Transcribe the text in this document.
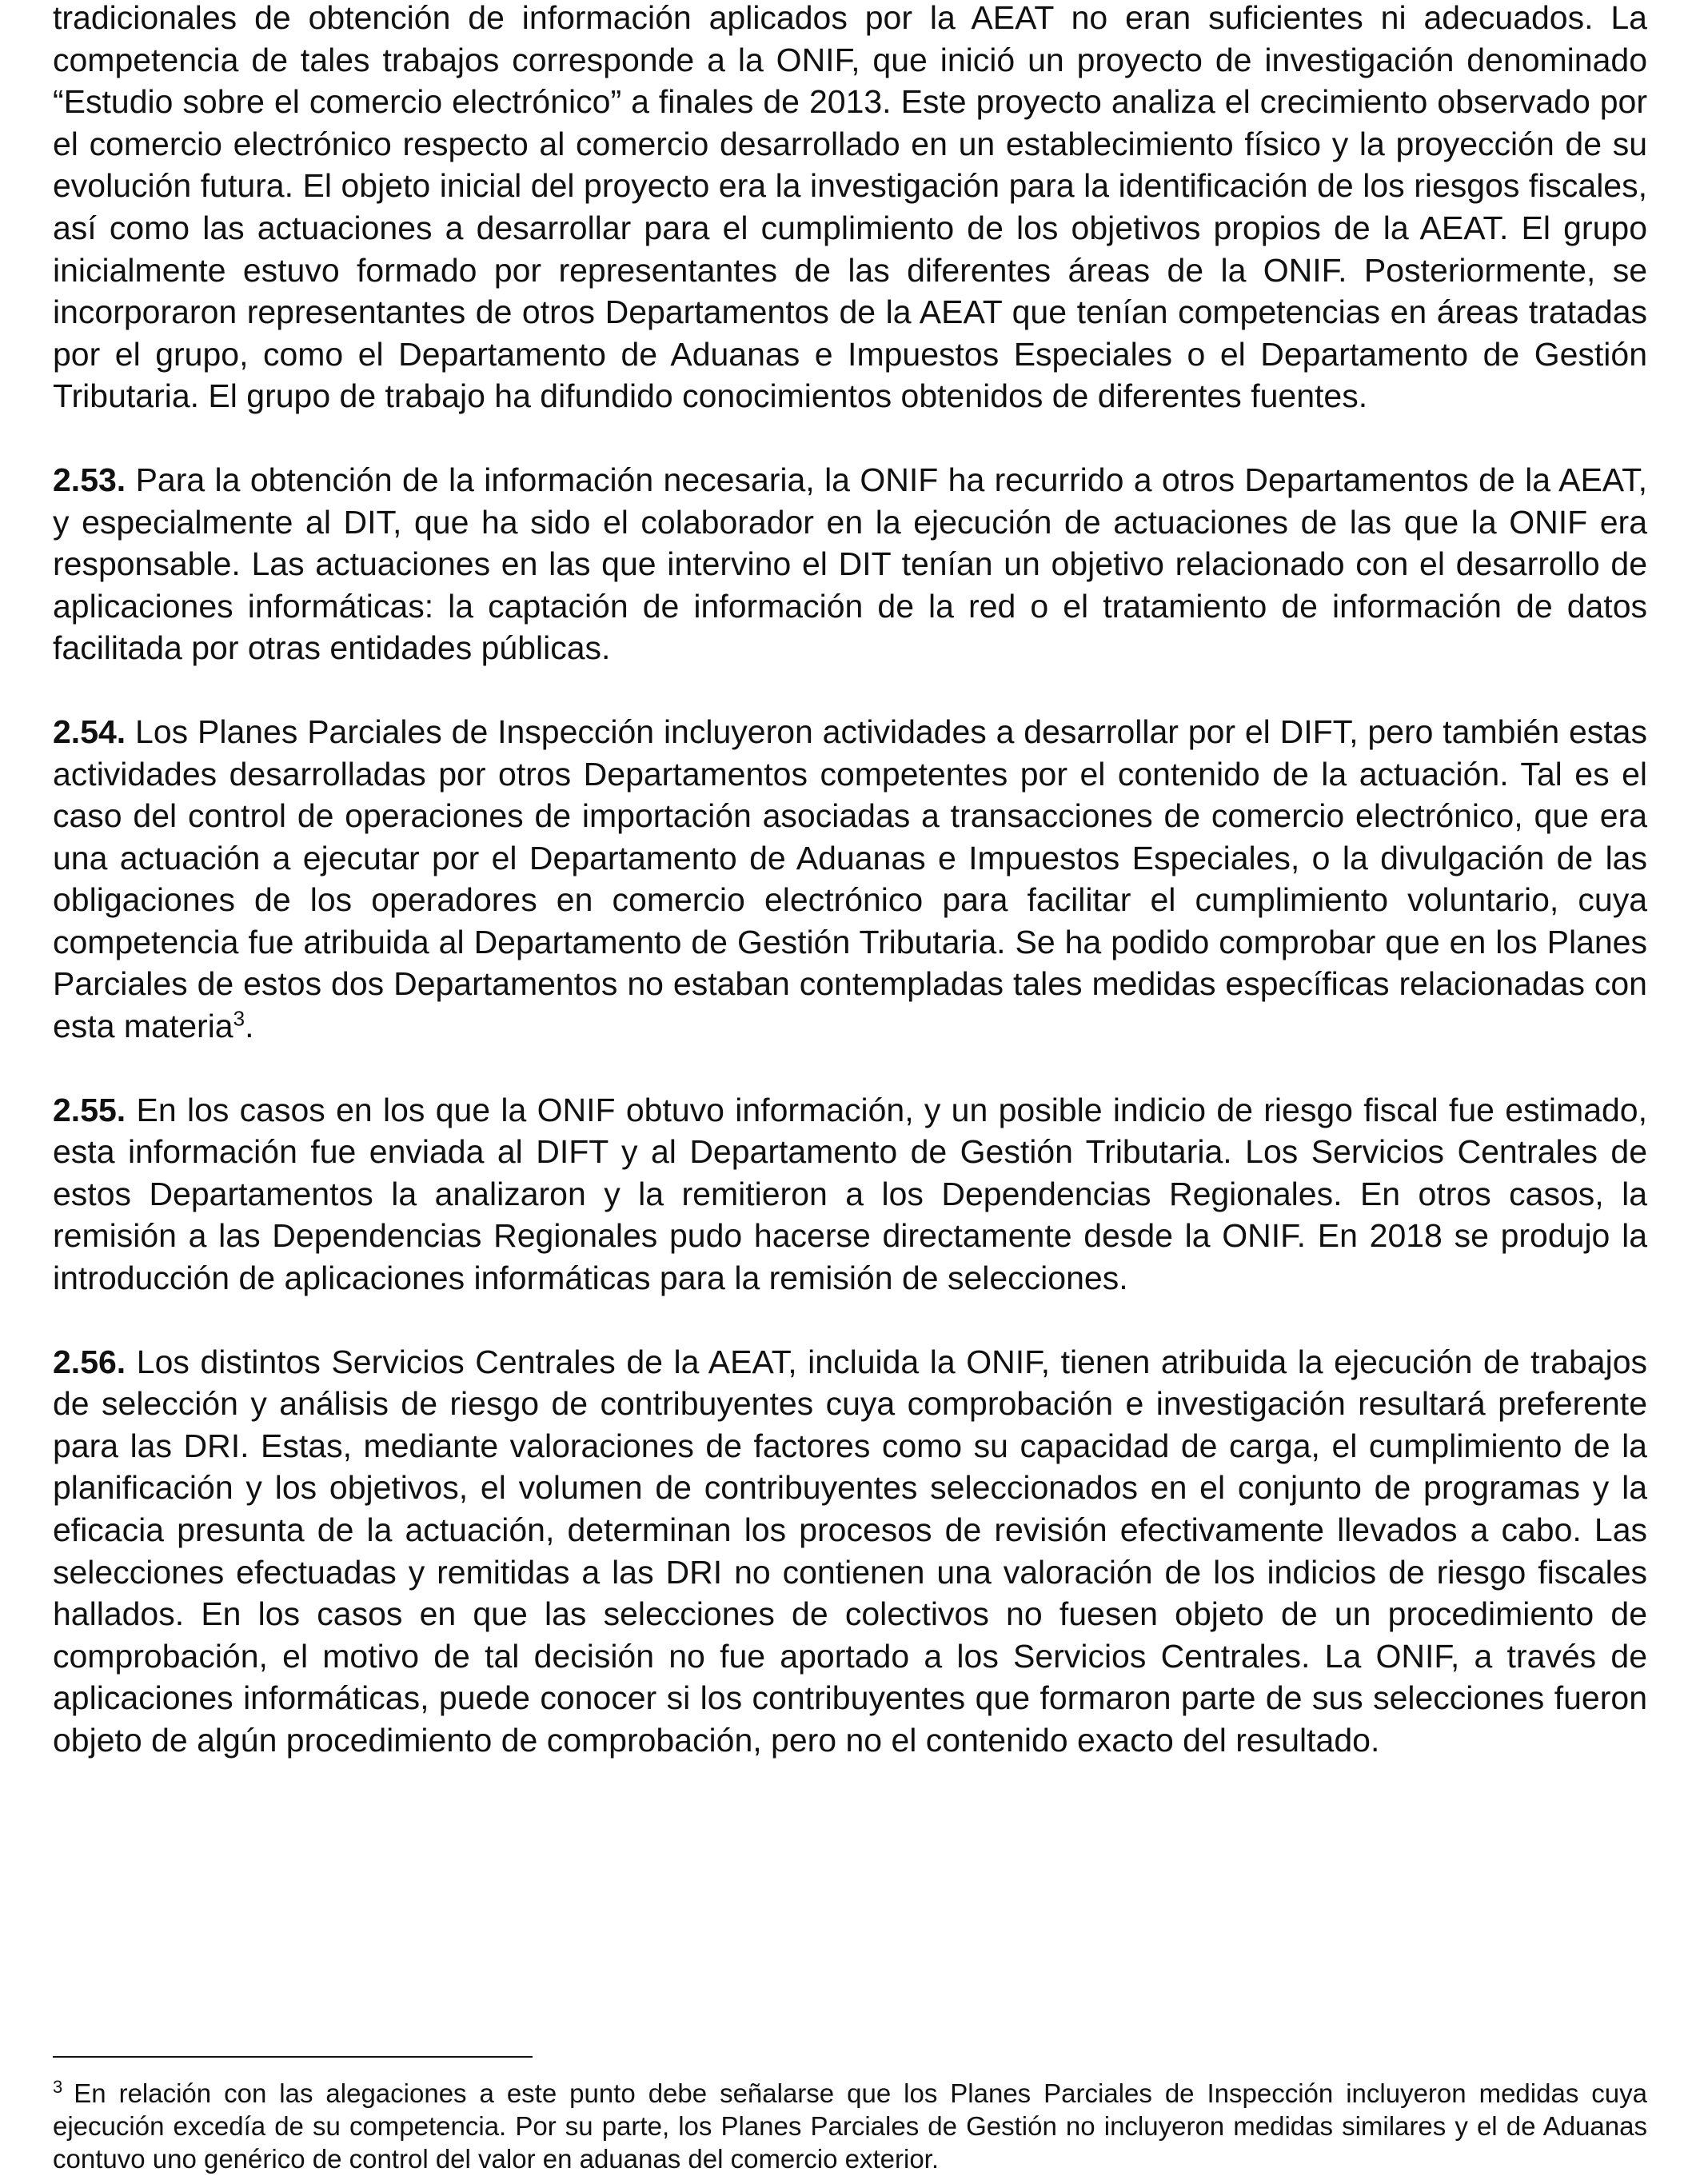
tradicionales de obtención de información aplicados por la AEAT no eran suficientes ni adecuados. La competencia de tales trabajos corresponde a la ONIF, que inició un proyecto de investigación denominado “Estudio sobre el comercio electrónico” a finales de 2013. Este proyecto analiza el crecimiento observado por el comercio electrónico respecto al comercio desarrollado en un establecimiento físico y la proyección de su evolución futura. El objeto inicial del proyecto era la investigación para la identificación de los riesgos fiscales, así como las actuaciones a desarrollar para el cumplimiento de los objetivos propios de la AEAT. El grupo inicialmente estuvo formado por representantes de las diferentes áreas de la ONIF. Posteriormente, se incorporaron representantes de otros Departamentos de la AEAT que tenían competencias en áreas tratadas por el grupo, como el Departamento de Aduanas e Impuestos Especiales o el Departamento de Gestión Tributaria. El grupo de trabajo ha difundido conocimientos obtenidos de diferentes fuentes.

2.53. Para la obtención de la información necesaria, la ONIF ha recurrido a otros Departamentos de la AEAT, y especialmente al DIT, que ha sido el colaborador en la ejecución de actuaciones de las que la ONIF era responsable. Las actuaciones en las que intervino el DIT tenían un objetivo relacionado con el desarrollo de aplicaciones informáticas: la captación de información de la red o el tratamiento de información de datos facilitada por otras entidades públicas.

2.54. Los Planes Parciales de Inspección incluyeron actividades a desarrollar por el DIFT, pero también estas actividades desarrolladas por otros Departamentos competentes por el contenido de la actuación. Tal es el caso del control de operaciones de importación asociadas a transacciones de comercio electrónico, que era una actuación a ejecutar por el Departamento de Aduanas e Impuestos Especiales, o la divulgación de las obligaciones de los operadores en comercio electrónico para facilitar el cumplimiento voluntario, cuya competencia fue atribuida al Departamento de Gestión Tributaria. Se ha podido comprobar que en los Planes Parciales de estos dos Departamentos no estaban contempladas tales medidas específicas relacionadas con esta materia$^3$.

2.55. En los casos en los que la ONIF obtuvo información, y un posible indicio de riesgo fiscal fue estimado, esta información fue enviada al DIFT y al Departamento de Gestión Tributaria. Los Servicios Centrales de estos Departamentos la analizaron y la remitieron a los Dependencias Regionales. En otros casos, la remisión a las Dependencias Regionales pudo hacerse directamente desde la ONIF. En 2018 se produjo la introducción de aplicaciones informáticas para la remisión de selecciones.

2.56. Los distintos Servicios Centrales de la AEAT, incluida la ONIF, tienen atribuida la ejecución de trabajos de selección y análisis de riesgo de contribuyentes cuya comprobación e investigación resultará preferente para las DRI. Estas, mediante valoraciones de factores como su capacidad de carga, el cumplimiento de la planificación y los objetivos, el volumen de contribuyentes seleccionados en el conjunto de programas y la eficacia presunta de la actuación, determinan los procesos de revisión efectivamente llevados a cabo. Las selecciones efectuadas y remitidas a las DRI no contienen una valoración de los indicios de riesgo fiscales hallados. En los casos en que las selecciones de colectivos no fuesen objeto de un procedimiento de comprobación, el motivo de tal decisión no fue aportado a los Servicios Centrales. La ONIF, a través de aplicaciones informáticas, puede conocer si los contribuyentes que formaron parte de sus selecciones fueron objeto de algún procedimiento de comprobación, pero no el contenido exacto del resultado.

$^3$ En relación con las alegaciones a este punto debe señalarse que los Planes Parciales de Inspección incluyeron medidas cuya ejecución excedía de su competencia. Por su parte, los Planes Parciales de Gestión no incluyeron medidas similares y el de Aduanas contuvo uno genérico de control del valor en aduanas del comercio exterior.
